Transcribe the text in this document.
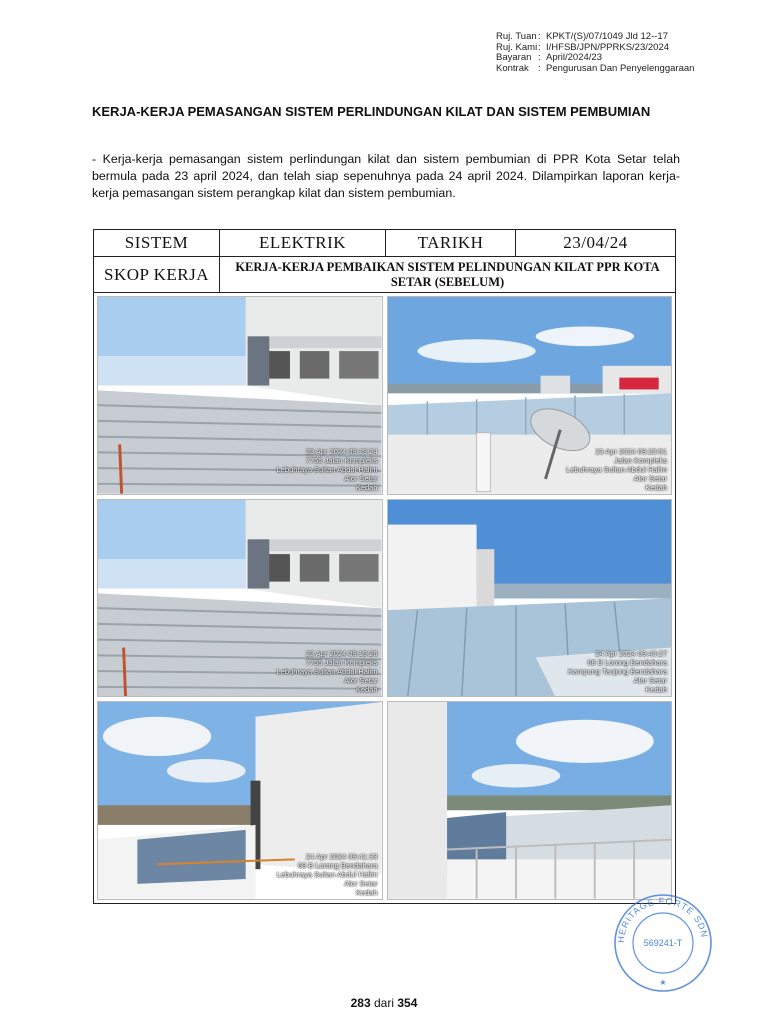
Ruj. Tuan : KPKT/(S)/07/1049 Jld 12--17
Ruj. Kami : I/HFSB/JPN/PPRKS/23/2024
Bayaran : April/2024/23
Kontrak : Pengurusan Dan Penyelenggaraan
KERJA-KERJA PEMASANGAN SISTEM PERLINDUNGAN KILAT DAN SISTEM PEMBUMIAN
- Kerja-kerja pemasangan sistem perlindungan kilat dan sistem pembumian di PPR Kota Setar telah bermula pada 23 april 2024, dan telah siap sepenuhnya pada 24 april 2024. Dilampirkan laporan kerja-kerja pemasangan sistem perangkap kilat dan sistem pembumian.
SISTEM	ELEKTRIK	TARIKH	23/04/24
SKOP KERJA	KERJA-KERJA PEMBAIKAN SISTEM PELINDUNGAN KILAT PPR KOTA SETAR (SEBELUM)
23 Apr 2024 09:19:24
7755 Jalan Kompleks
Lebuhraya Sultan Abdul Halim
Alor Setar
Kedah
23 Apr 2024 09:20:51
Jalan Kompleks
Lebuhraya Sultan Abdul Halim
Alor Setar
Kedah
23 Apr 2024 09:19:26
7755 Jalan Kompleks
Lebuhraya Sultan Abdul Halim
Alor Setar
Kedah
24 Apr 2024 09:40:27
68 B Lorong Bendahara
Kampung Tanjong Bendahara
Alor Setar
Kedah
24 Apr 2024 09:41:33
68 B Lorong Bendahara
Lebuhraya Sultan Abdul Halim
Alor Setar
Kedah
HERITAGE FORTE SDN
569241-T
★
283 dari 354
